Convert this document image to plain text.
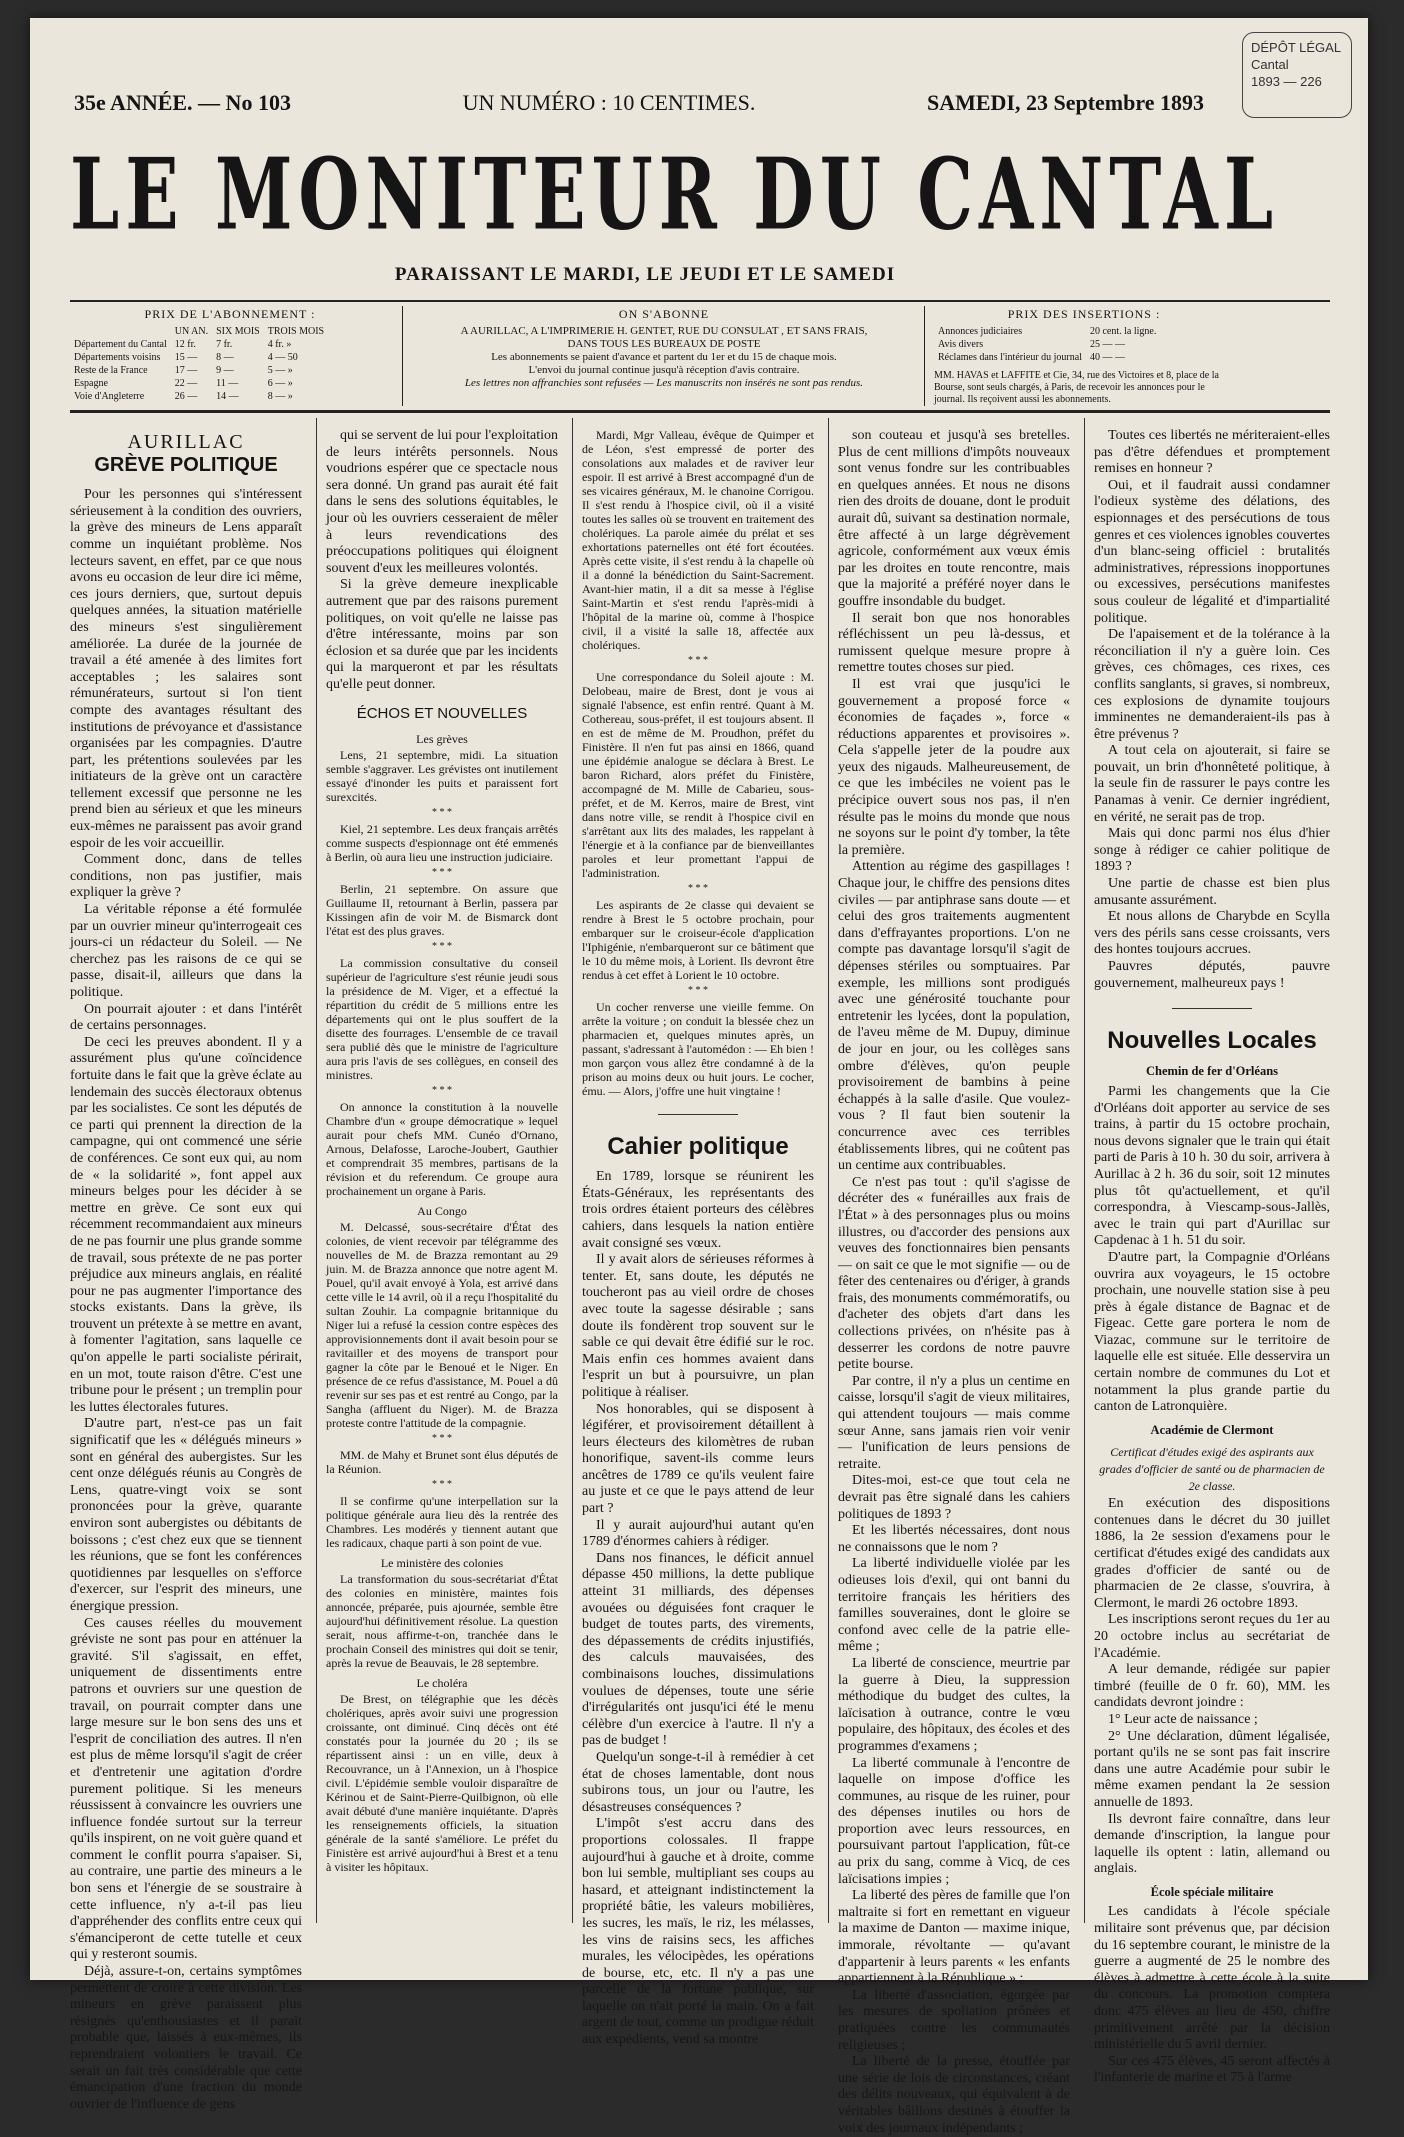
DÉPÔT LÉGAL
Cantal
1893 — 226
35e ANNÉE. — No 103	UN NUMÉRO : 10 CENTIMES.	SAMEDI, 23 Septembre 1893
LE MONITEUR DU CANTAL
PARAISSANT LE MARDI, LE JEUDI ET LE SAMEDI
PRIX DE L'ABONNEMENT :
	UN AN.	SIX MOIS	TROIS MOIS
Département du Cantal	12 fr.	7 fr.	4 fr. »
Départements voisins	15 —	8 —	4 — 50
Reste de la France	17 —	9 —	5 — »
Espagne	22 —	11 —	6 — »
Voie d'Angleterre	26 —	14 —	8 — »
ON S'ABONNE

A AURILLAC, A L'IMPRIMERIE H. GENTET, RUE DU CONSULAT , ET SANS FRAIS,

DANS TOUS LES BUREAUX DE POSTE

Les abonnements se paient d'avance et partent du 1er et du 15 de chaque mois.

L'envoi du journal continue jusqu'à réception d'avis contraire.

Les lettres non affranchies sont refusées — Les manuscrits non insérés ne sont pas rendus.

PRIX DES INSERTIONS :
Annonces judiciaires	20 cent. la ligne.
Avis divers	25 — —
Réclames dans l'intérieur du journal	40 — —

MM. HAVAS et LAFFITE et Cie, 34, rue des Victoires et 8, place de la Bourse, sont seuls chargés, à Paris, de recevoir les annonces pour le journal. Ils reçoivent aussi les abonnements.

AURILLAC
GRÈVE POLITIQUE

Pour les personnes qui s'intéressent sérieusement à la condition des ouvriers, la grève des mineurs de Lens apparaît comme un inquiétant problème. Nos lecteurs savent, en effet, par ce que nous avons eu occasion de leur dire ici même, ces jours derniers, que, surtout depuis quelques années, la situation matérielle des mineurs s'est singulièrement améliorée. La durée de la journée de travail a été amenée à des limites fort acceptables ; les salaires sont rémunérateurs, surtout si l'on tient compte des avantages résultant des institutions de prévoyance et d'assistance organisées par les compagnies. D'autre part, les prétentions soulevées par les initiateurs de la grève ont un caractère tellement excessif que personne ne les prend bien au sérieux et que les mineurs eux-mêmes ne paraissent pas avoir grand espoir de les voir accueillir.

Comment donc, dans de telles conditions, non pas justifier, mais expliquer la grève ?

La véritable réponse a été formulée par un ouvrier mineur qu'interrogeait ces jours-ci un rédacteur du Soleil. — Ne cherchez pas les raisons de ce qui se passe, disait-il, ailleurs que dans la politique.

On pourrait ajouter : et dans l'intérêt de certains personnages.

De ceci les preuves abondent. Il y a assurément plus qu'une coïncidence fortuite dans le fait que la grève éclate au lendemain des succès électoraux obtenus par les socialistes. Ce sont les députés de ce parti qui prennent la direction de la campagne, qui ont commencé une série de conférences. Ce sont eux qui, au nom de « la solidarité », font appel aux mineurs belges pour les décider à se mettre en grève. Ce sont eux qui récemment recommandaient aux mineurs de ne pas fournir une plus grande somme de travail, sous prétexte de ne pas porter préjudice aux mineurs anglais, en réalité pour ne pas augmenter l'importance des stocks existants. Dans la grève, ils trouvent un prétexte à se mettre en avant, à fomenter l'agitation, sans laquelle ce qu'on appelle le parti socialiste périrait, en un mot, toute raison d'être. C'est une tribune pour le présent ; un tremplin pour les luttes électorales futures.

D'autre part, n'est-ce pas un fait significatif que les « délégués mineurs » sont en général des aubergistes. Sur les cent onze délégués réunis au Congrès de Lens, quatre-vingt voix se sont prononcées pour la grève, quarante environ sont aubergistes ou débitants de boissons ; c'est chez eux que se tiennent les réunions, que se font les conférences quotidiennes par lesquelles on s'efforce d'exercer, sur l'esprit des mineurs, une énergique pression.

Ces causes réelles du mouvement gréviste ne sont pas pour en atténuer la gravité. S'il s'agissait, en effet, uniquement de dissentiments entre patrons et ouvriers sur une question de travail, on pourrait compter dans une large mesure sur le bon sens des uns et l'esprit de conciliation des autres. Il n'en est plus de même lorsqu'il s'agit de créer et d'entretenir une agitation d'ordre purement politique. Si les meneurs réussissent à convaincre les ouvriers une influence fondée surtout sur la terreur qu'ils inspirent, on ne voit guère quand et comment le conflit pourra s'apaiser. Si, au contraire, une partie des mineurs a le bon sens et l'énergie de se soustraire à cette influence, n'y a-t-il pas lieu d'appréhender des conflits entre ceux qui s'émanciperont de cette tutelle et ceux qui y resteront soumis.

Déjà, assure-t-on, certains symptômes permettent de croire à cette division. Les mineurs en grève paraissent plus résignés qu'enthousiastes et il paraît probable que, laissés à eux-mêmes, ils reprendraient volontiers le travail. Ce serait un fait très considérable que cette émancipation d'une fraction du monde ouvrier de l'influence de gens

qui se servent de lui pour l'exploitation de leurs intérêts personnels. Nous voudrions espérer que ce spectacle nous sera donné. Un grand pas aurait été fait dans le sens des solutions équitables, le jour où les ouvriers cesseraient de mêler à leurs revendications des préoccupations politiques qui éloignent souvent d'eux les meilleures volontés.

Si la grève demeure inexplicable autrement que par des raisons purement politiques, on voit qu'elle ne laisse pas d'être intéressante, moins par son éclosion et sa durée que par les incidents qui la marqueront et par les résultats qu'elle peut donner.

ÉCHOS ET NOUVELLES
Les grèves

Lens, 21 septembre, midi. La situation semble s'aggraver. Les grévistes ont inutilement essayé d'inonder les puits et paraissent fort surexcités.

* * *

Kiel, 21 septembre. Les deux français arrêtés comme suspects d'espionnage ont été emmenés à Berlin, où aura lieu une instruction judiciaire.

* * *

Berlin, 21 septembre. On assure que Guillaume II, retournant à Berlin, passera par Kissingen afin de voir M. de Bismarck dont l'état est des plus graves.

* * *

La commission consultative du conseil supérieur de l'agriculture s'est réunie jeudi sous la présidence de M. Viger, et a effectué la répartition du crédit de 5 millions entre les départements qui ont le plus souffert de la disette des fourrages. L'ensemble de ce travail sera publié dès que le ministre de l'agriculture aura pris l'avis de ses collègues, en conseil des ministres.

* * *

On annonce la constitution à la nouvelle Chambre d'un « groupe démocratique » lequel aurait pour chefs MM. Cunéo d'Ornano, Arnous, Delafosse, Laroche-Joubert, Gauthier et comprendrait 35 membres, partisans de la révision et du referendum. Ce groupe aura prochainement un organe à Paris.

Au Congo

M. Delcassé, sous-secrétaire d'État des colonies, de vient recevoir par télégramme des nouvelles de M. de Brazza remontant au 29 juin. M. de Brazza annonce que notre agent M. Pouel, qu'il avait envoyé à Yola, est arrivé dans cette ville le 14 avril, où il a reçu l'hospitalité du sultan Zouhir. La compagnie britannique du Niger lui a refusé la cession contre espèces des approvisionnements dont il avait besoin pour se ravitailler et des moyens de transport pour gagner la côte par le Benoué et le Niger. En présence de ce refus d'assistance, M. Pouel a dû revenir sur ses pas et est rentré au Congo, par la Sangha (affluent du Niger). M. de Brazza proteste contre l'attitude de la compagnie.

* * *

MM. de Mahy et Brunet sont élus députés de la Réunion.

* * *

Il se confirme qu'une interpellation sur la politique générale aura lieu dès la rentrée des Chambres. Les modérés y tiennent autant que les radicaux, chaque parti à son point de vue.

Le ministère des colonies

La transformation du sous-secrétariat d'État des colonies en ministère, maintes fois annoncée, préparée, puis ajournée, semble être aujourd'hui définitivement résolue. La question serait, nous affirme-t-on, tranchée dans le prochain Conseil des ministres qui doit se tenir, après la revue de Beauvais, le 28 septembre.

Le choléra

De Brest, on télégraphie que les décès cholériques, après avoir suivi une progression croissante, ont diminué. Cinq décès ont été constatés pour la journée du 20 ; ils se répartissent ainsi : un en ville, deux à Recouvrance, un à l'Annexion, un à l'hospice civil. L'épidémie semble vouloir disparaître de Kérinou et de Saint-Pierre-Quilbignon, où elle avait débuté d'une manière inquiétante. D'après les renseignements officiels, la situation générale de la santé s'améliore. Le préfet du Finistère est arrivé aujourd'hui à Brest et a tenu à visiter les hôpitaux.

Mardi, Mgr Valleau, évêque de Quimper et de Léon, s'est empressé de porter des consolations aux malades et de raviver leur espoir. Il est arrivé à Brest accompagné d'un de ses vicaires généraux, M. le chanoine Corrigou. Il s'est rendu à l'hospice civil, où il a visité toutes les salles où se trouvent en traitement des cholériques. La parole aimée du prélat et ses exhortations paternelles ont été fort écoutées. Après cette visite, il s'est rendu à la chapelle où il a donné la bénédiction du Saint-Sacrement. Avant-hier matin, il a dit sa messe à l'église Saint-Martin et s'est rendu l'après-midi à l'hôpital de la marine où, comme à l'hospice civil, il a visité la salle 18, affectée aux cholériques.

* * *

Une correspondance du Soleil ajoute : M. Delobeau, maire de Brest, dont je vous ai signalé l'absence, est enfin rentré. Quant à M. Cothereau, sous-préfet, il est toujours absent. Il en est de même de M. Proudhon, préfet du Finistère. Il n'en fut pas ainsi en 1866, quand une épidémie analogue se déclara à Brest. Le baron Richard, alors préfet du Finistère, accompagné de M. Mille de Cabarieu, sous-préfet, et de M. Kerros, maire de Brest, vint dans notre ville, se rendit à l'hospice civil en s'arrêtant aux lits des malades, les rappelant à l'énergie et à la confiance par de bienveillantes paroles et leur promettant l'appui de l'administration.

* * *

Les aspirants de 2e classe qui devaient se rendre à Brest le 5 octobre prochain, pour embarquer sur le croiseur-école d'application l'Iphigénie, n'embarqueront sur ce bâtiment que le 10 du même mois, à Lorient. Ils devront être rendus à cet effet à Lorient le 10 octobre.

* * *

Un cocher renverse une vieille femme. On arrête la voiture ; on conduit la blessée chez un pharmacien et, quelques minutes après, un passant, s'adressant à l'automédon : — Eh bien ! mon garçon vous allez être condamné à de la prison au moins deux ou huit jours. Le cocher, ému. — Alors, j'offre une huit vingtaine !

Cahier politique

En 1789, lorsque se réunirent les États-Généraux, les représentants des trois ordres étaient porteurs des célèbres cahiers, dans lesquels la nation entière avait consigné ses vœux.

Il y avait alors de sérieuses réformes à tenter. Et, sans doute, les députés ne toucheront pas au vieil ordre de choses avec toute la sagesse désirable ; sans doute ils fondèrent trop souvent sur le sable ce qui devait être édifié sur le roc. Mais enfin ces hommes avaient dans l'esprit un but à poursuivre, un plan politique à réaliser.

Nos honorables, qui se disposent à légiférer, et provisoirement détaillent à leurs électeurs des kilomètres de ruban honorifique, savent-ils comme leurs ancêtres de 1789 ce qu'ils veulent faire au juste et ce que le pays attend de leur part ?

Il y aurait aujourd'hui autant qu'en 1789 d'énormes cahiers à rédiger.

Dans nos finances, le déficit annuel dépasse 450 millions, la dette publique atteint 31 milliards, des dépenses avouées ou déguisées font craquer le budget de toutes parts, des virements, des dépassements de crédits injustifiés, des calculs mauvaisées, des combinaisons louches, dissimulations voulues de dépenses, toute une série d'irrégularités ont jusqu'ici été le menu célèbre d'un exercice à l'autre. Il n'y a pas de budget !

Quelqu'un songe-t-il à remédier à cet état de choses lamentable, dont nous subirons tous, un jour ou l'autre, les désastreuses conséquences ?

L'impôt s'est accru dans des proportions colossales. Il frappe aujourd'hui à gauche et à droite, comme bon lui semble, multipliant ses coups au hasard, et atteignant indistinctement la propriété bâtie, les valeurs mobilières, les sucres, les maïs, le riz, les mélasses, les vins de raisins secs, les affiches murales, les vélocipèdes, les opérations de bourse, etc, etc. Il n'y a pas une parcelle de la fortune publique, sur laquelle on n'ait porté la main. On a fait argent de tout, comme un prodigue réduit aux expédients, vend sa montre

son couteau et jusqu'à ses bretelles. Plus de cent millions d'impôts nouveaux sont venus fondre sur les contribuables en quelques années. Et nous ne disons rien des droits de douane, dont le produit aurait dû, suivant sa destination normale, être affecté à un large dégrèvement agricole, conformément aux vœux émis par les droites en toute rencontre, mais que la majorité a préféré noyer dans le gouffre insondable du budget.

Il serait bon que nos honorables réfléchissent un peu là-dessus, et rumissent quelque mesure propre à remettre toutes choses sur pied.

Il est vrai que jusqu'ici le gouvernement a proposé force « économies de façades », force « réductions apparentes et provisoires ». Cela s'appelle jeter de la poudre aux yeux des nigauds. Malheureusement, de ce que les imbéciles ne voient pas le précipice ouvert sous nos pas, il n'en résulte pas le moins du monde que nous ne soyons sur le point d'y tomber, la tête la première.

Attention au régime des gaspillages ! Chaque jour, le chiffre des pensions dites civiles — par antiphrase sans doute — et celui des gros traitements augmentent dans d'effrayantes proportions. L'on ne compte pas davantage lorsqu'il s'agit de dépenses stériles ou somptuaires. Par exemple, les millions sont prodigués avec une générosité touchante pour entretenir les lycées, dont la population, de l'aveu même de M. Dupuy, diminue de jour en jour, ou les collèges sans ombre d'élèves, qu'on peuple provisoirement de bambins à peine échappés à la salle d'asile. Que voulez-vous ? Il faut bien soutenir la concurrence avec ces terribles établissements libres, qui ne coûtent pas un centime aux contribuables.

Ce n'est pas tout : qu'il s'agisse de décréter des « funérailles aux frais de l'État » à des personnages plus ou moins illustres, ou d'accorder des pensions aux veuves des fonctionnaires bien pensants — on sait ce que le mot signifie — ou de fêter des centenaires ou d'ériger, à grands frais, des monuments commémoratifs, ou d'acheter des objets d'art dans les collections privées, on n'hésite pas à desserrer les cordons de notre pauvre petite bourse.

Par contre, il n'y a plus un centime en caisse, lorsqu'il s'agit de vieux militaires, qui attendent toujours — mais comme sœur Anne, sans jamais rien voir venir — l'unification de leurs pensions de retraite.

Dites-moi, est-ce que tout cela ne devrait pas être signalé dans les cahiers politiques de 1893 ?

Et les libertés nécessaires, dont nous ne connaissons que le nom ?

La liberté individuelle violée par les odieuses lois d'exil, qui ont banni du territoire français les héritiers des familles souveraines, dont le gloire se confond avec celle de la patrie elle-même ;

La liberté de conscience, meurtrie par la guerre à Dieu, la suppression méthodique du budget des cultes, la laïcisation à outrance, contre le vœu populaire, des hôpitaux, des écoles et des programmes d'examens ;

La liberté communale à l'encontre de laquelle on impose d'office les communes, au risque de les ruiner, pour des dépenses inutiles ou hors de proportion avec leurs ressources, en poursuivant partout l'application, fût-ce au prix du sang, comme à Vicq, de ces laïcisations impies ;

La liberté des pères de famille que l'on maltraite si fort en remettant en vigueur la maxime de Danton — maxime inique, immorale, révoltante — qu'avant d'appartenir à leurs parents « les enfants appartiennent à la République » ;

La liberté d'association, égorgée par les mesures de spoliation prônées et pratiquées contre les communautés religieuses ;

La liberté de la presse, étouffée par une série de lois de circonstances, créant des délits nouveaux, qui équivalent à de véritables bâillons destinés à étouffer la voix des journaux indépendants ;

Toutes ces libertés ne mériteraient-elles pas d'être défendues et promptement remises en honneur ?

Oui, et il faudrait aussi condamner l'odieux système des délations, des espionnages et des persécutions de tous genres et ces violences ignobles couvertes d'un blanc-seing officiel : brutalités administratives, répressions inopportunes ou excessives, persécutions manifestes sous couleur de légalité et d'impartialité politique.

De l'apaisement et de la tolérance à la réconciliation il n'y a guère loin. Ces grèves, ces chômages, ces rixes, ces conflits sanglants, si graves, si nombreux, ces explosions de dynamite toujours imminentes ne demanderaient-ils pas à être prévenus ?

A tout cela on ajouterait, si faire se pouvait, un brin d'honnêteté politique, à la seule fin de rassurer le pays contre les Panamas à venir. Ce dernier ingrédient, en vérité, ne serait pas de trop.

Mais qui donc parmi nos élus d'hier songe à rédiger ce cahier politique de 1893 ?

Une partie de chasse est bien plus amusante assurément.

Et nous allons de Charybde en Scylla vers des périls sans cesse croissants, vers des hontes toujours accrues.

Pauvres députés, pauvre gouvernement, malheureux pays !

Nouvelles Locales
Chemin de fer d'Orléans

Parmi les changements que la Cie d'Orléans doit apporter au service de ses trains, à partir du 15 octobre prochain, nous devons signaler que le train qui était parti de Paris à 10 h. 30 du soir, arrivera à Aurillac à 2 h. 36 du soir, soit 12 minutes plus tôt qu'actuellement, et qu'il correspondra, à Viescamp-sous-Jallès, avec le train qui part d'Aurillac sur Capdenac à 1 h. 51 du soir.

D'autre part, la Compagnie d'Orléans ouvrira aux voyageurs, le 15 octobre prochain, une nouvelle station sise à peu près à égale distance de Bagnac et de Figeac. Cette gare portera le nom de Viazac, commune sur le territoire de laquelle elle est située. Elle desservira un certain nombre de communes du Lot et notamment la plus grande partie du canton de Latronquière.

Académie de Clermont
Certificat d'études exigé des aspirants aux grades d'officier de santé ou de pharmacien de 2e classe.

En exécution des dispositions contenues dans le décret du 30 juillet 1886, la 2e session d'examens pour le certificat d'études exigé des candidats aux grades d'officier de santé ou de pharmacien de 2e classe, s'ouvrira, à Clermont, le mardi 26 octobre 1893.

Les inscriptions seront reçues du 1er au 20 octobre inclus au secrétariat de l'Académie.

A leur demande, rédigée sur papier timbré (feuille de 0 fr. 60), MM. les candidats devront joindre :

1° Leur acte de naissance ;

2° Une déclaration, dûment légalisée, portant qu'ils ne se sont pas fait inscrire dans une autre Académie pour subir le même examen pendant la 2e session annuelle de 1893.

Ils devront faire connaître, dans leur demande d'inscription, la langue pour laquelle ils optent : latin, allemand ou anglais.

École spéciale militaire

Les candidats à l'école spéciale militaire sont prévenus que, par décision du 16 septembre courant, le ministre de la guerre a augmenté de 25 le nombre des élèves à admettre à cette école à la suite du concours. La promotion comptera donc 475 élèves au lieu de 450, chiffre primitivement arrêté par la décision ministérielle du 5 avril dernier.

Sur ces 475 élèves, 45 seront affectés à l'infanterie de marine et 75 à l'arme
